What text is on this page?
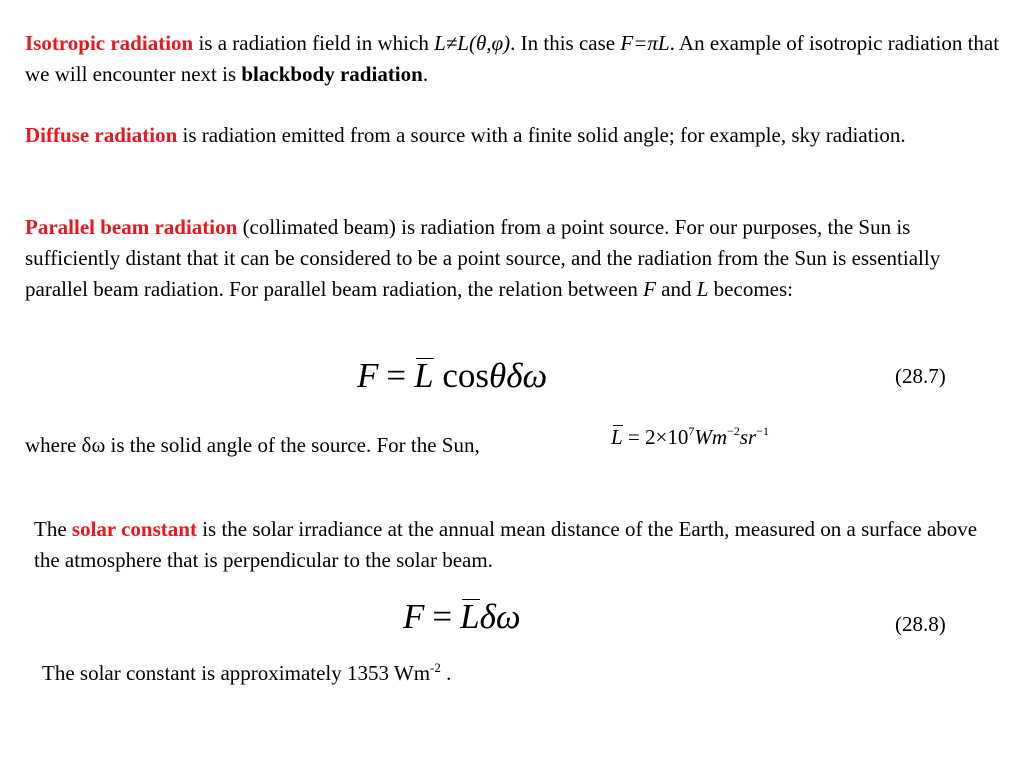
Isotropic radiation is a radiation field in which L≠L(θ,φ). In this case F=πL. An example of isotropic radiation that we will encounter next is blackbody radiation.

Diffuse radiation is radiation emitted from a source with a finite solid angle; for example, sky radiation.

Parallel beam radiation (collimated beam) is radiation from a point source. For our purposes, the Sun is sufficiently distant that it can be considered to be a point source, and the radiation from the Sun is essentially parallel beam radiation. For parallel beam radiation, the relation between F and L becomes:

F = L cosθδω	(28.7)

where δω is the solid angle of the source. For the Sun,	$L = 2\times 10^7Wm^{-2}sr^{-1}$

The solar constant is the solar irradiance at the annual mean distance of the Earth, measured on a surface above the atmosphere that is perpendicular to the solar beam.

F = Lδω	(28.8)

The solar constant is approximately 1353 $Wm^{-2}$ .
